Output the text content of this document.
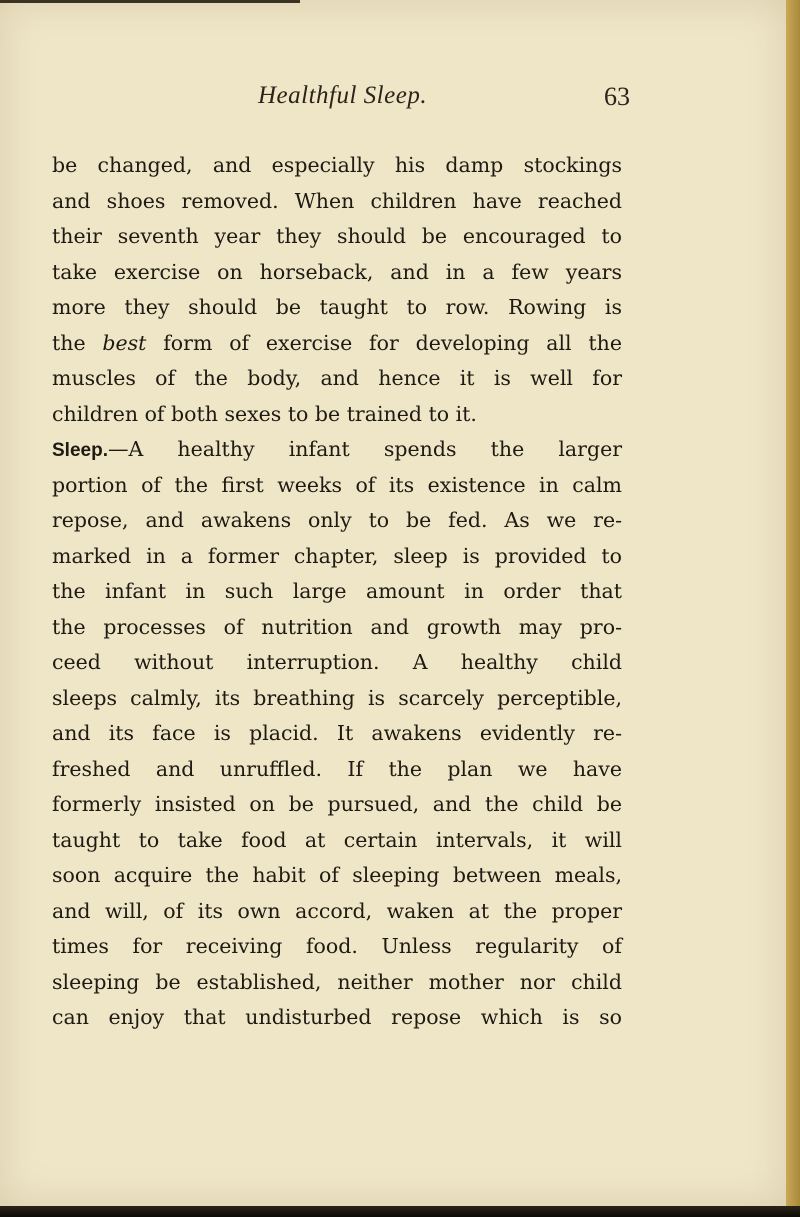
Healthful Sleep.	63
be changed, and especially his damp stockings
and shoes removed. When children have reached
their seventh year they should be encouraged to
take exercise on horseback, and in a few years
more they should be taught to row. Rowing is
the best form of exercise for developing all the
muscles of the body, and hence it is well for
children of both sexes to be trained to it.
Sleep.—A healthy infant spends the larger
portion of the first weeks of its existence in calm
repose, and awakens only to be fed. As we re-
marked in a former chapter, sleep is provided to
the infant in such large amount in order that
the processes of nutrition and growth may pro-
ceed without interruption. A healthy child
sleeps calmly, its breathing is scarcely perceptible,
and its face is placid. It awakens evidently re-
freshed and unruffled. If the plan we have
formerly insisted on be pursued, and the child be
taught to take food at certain intervals, it will
soon acquire the habit of sleeping between meals,
and will, of its own accord, waken at the proper
times for receiving food. Unless regularity of
sleeping be established, neither mother nor child
can enjoy that undisturbed repose which is so
